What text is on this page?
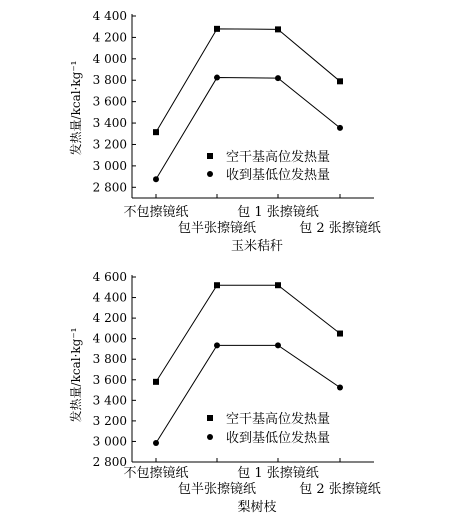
2 800
3 000
3 200
3 400
3 600
3 800
4 000
4 200
4 400
不包擦镜纸
包半张擦镜纸
包 1 张擦镜纸
包 2 张擦镜纸
玉米秸秆
发热量/kcal·kg⁻¹
空干基高位发热量
收到基低位发热量
2 800
3 000
3 200
3 400
3 600
3 800
4 000
4 200
4 400
4 600
不包擦镜纸
包半张擦镜纸
包 1 张擦镜纸
包 2 张擦镜纸
梨树枝
发热量/kcal·kg⁻¹	空干基高位发热量
收到基低位发热量
